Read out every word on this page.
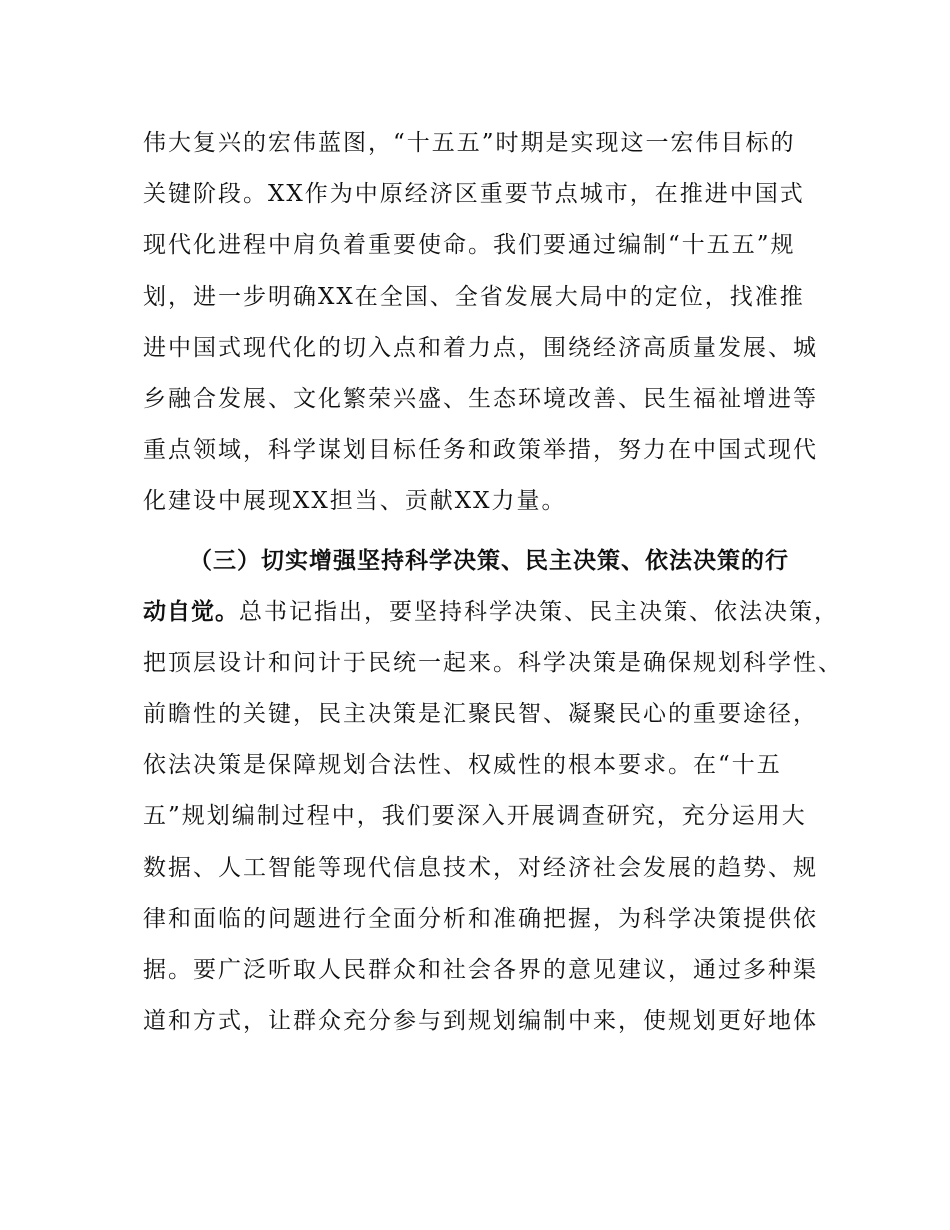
伟大复兴的宏伟蓝图，“十五五”时期是实现这一宏伟目标的
关键阶段。XX作为中原经济区重要节点城市，在推进中国式
现代化进程中肩负着重要使命。我们要通过编制“十五五”规
划，进一步明确XX在全国、全省发展大局中的定位，找准推
进中国式现代化的切入点和着力点，围绕经济高质量发展、城
乡融合发展、文化繁荣兴盛、生态环境改善、民生福祉增进等
重点领域，科学谋划目标任务和政策举措，努力在中国式现代
化建设中展现XX担当、贡献XX力量。
（三）切实增强坚持科学决策、民主决策、依法决策的行
动自觉。总书记指出，要坚持科学决策、民主决策、依法决策，
把顶层设计和问计于民统一起来。科学决策是确保规划科学性、
前瞻性的关键，民主决策是汇聚民智、凝聚民心的重要途径，
依法决策是保障规划合法性、权威性的根本要求。在“十五
五”规划编制过程中，我们要深入开展调查研究，充分运用大
数据、人工智能等现代信息技术，对经济社会发展的趋势、规
律和面临的问题进行全面分析和准确把握，为科学决策提供依
据。要广泛听取人民群众和社会各界的意见建议，通过多种渠
道和方式，让群众充分参与到规划编制中来，使规划更好地体
